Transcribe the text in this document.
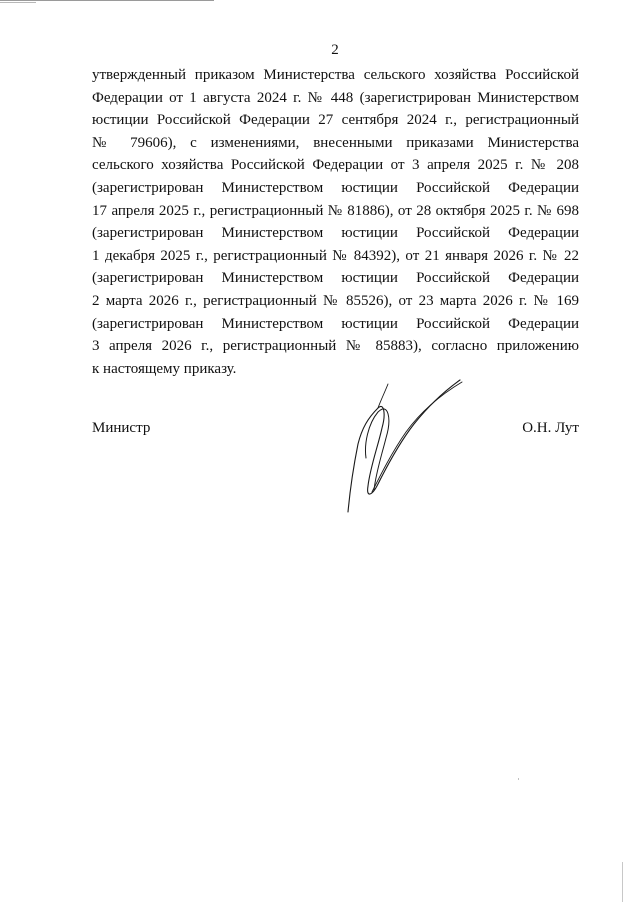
2
утвержденный приказом Министерства сельского хозяйства Российской
Федерации от 1 августа 2024 г. № 448 (зарегистрирован Министерством
юстиции Российской Федерации 27 сентября 2024 г., регистрационный
№ 79606), с изменениями, внесенными приказами Министерства
сельского хозяйства Российской Федерации от 3 апреля 2025 г. № 208
(зарегистрирован Министерством юстиции Российской Федерации
17 апреля 2025 г., регистрационный № 81886), от 28 октября 2025 г. № 698
(зарегистрирован Министерством юстиции Российской Федерации
1 декабря 2025 г., регистрационный № 84392), от 21 января 2026 г. № 22
(зарегистрирован Министерством юстиции Российской Федерации
2 марта 2026 г., регистрационный № 85526), от 23 марта 2026 г. № 169
(зарегистрирован Министерством юстиции Российской Федерации
3 апреля 2026 г., регистрационный № 85883), согласно приложению
к настоящему приказу.
Министр	О.Н. Лут
